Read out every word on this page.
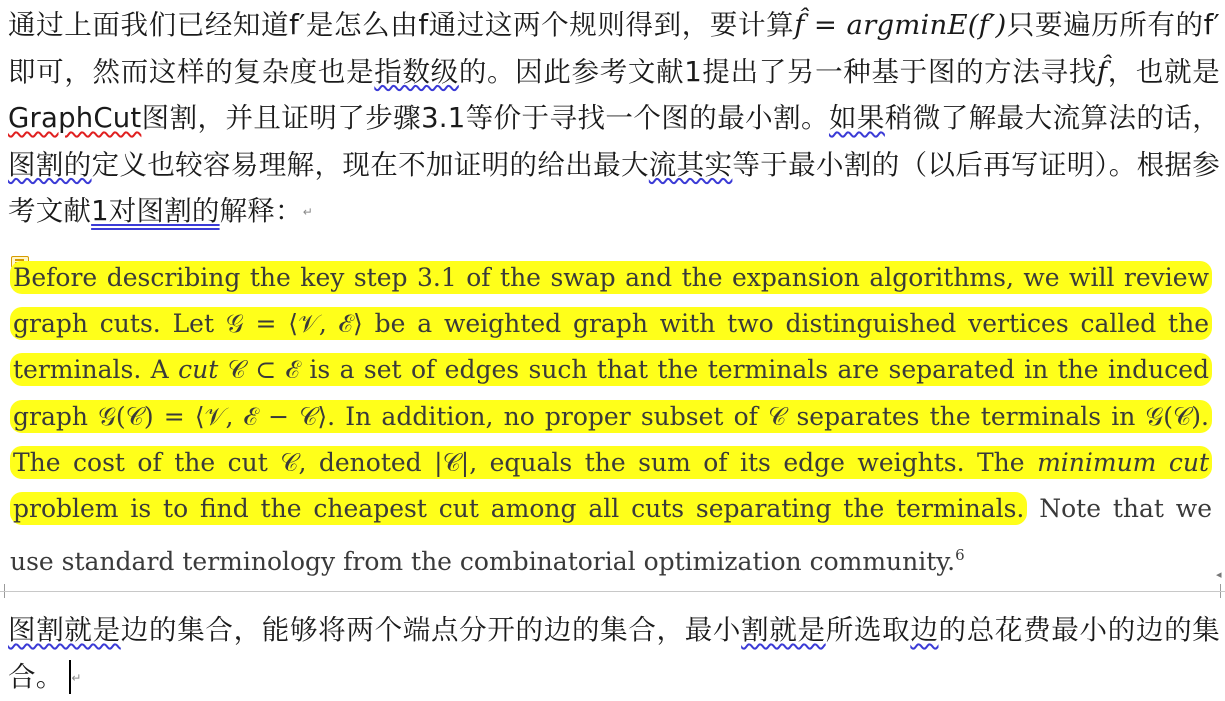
通过上面我们已经知道f′是怎么由f通过这两个规则得到，要计算f̂ = argminE(f′)只要遍历所有的f′即可，然而这样的复杂度也是指数级的。因此参考文献1提出了另一种基于图的方法寻找f̂，也就是GraphCut图割，并且证明了步骤3.1等价于寻找一个图的最小割。如果稍微了解最大流算法的话，图割的定义也较容易理解，现在不加证明的给出最大流其实等于最小割的（以后再写证明）。根据参考文献1对图割的解释：↵
Before describing the key step 3.1 of the swap and the expansion algorithms, we will review
graph cuts. Let 𝒢 = ⟨𝒱, ℰ⟩ be a weighted graph with two distinguished vertices called the
terminals. A cut 𝒞 ⊂ ℰ is a set of edges such that the terminals are separated in the induced
graph 𝒢(𝒞) = ⟨𝒱, ℰ − 𝒞⟩. In addition, no proper subset of 𝒞 separates the terminals in 𝒢(𝒞).
The cost of the cut 𝒞, denoted |𝒞|, equals the sum of its edge weights. The minimum cut
problem is to find the cheapest cut among all cuts separating the terminals. Note that we
use standard terminology from the combinatorial optimization community.$^6$
◂
图割就是边的集合，能够将两个端点分开的边的集合，最小割就是所选取边的总花费最小的边的集合。 ↵
